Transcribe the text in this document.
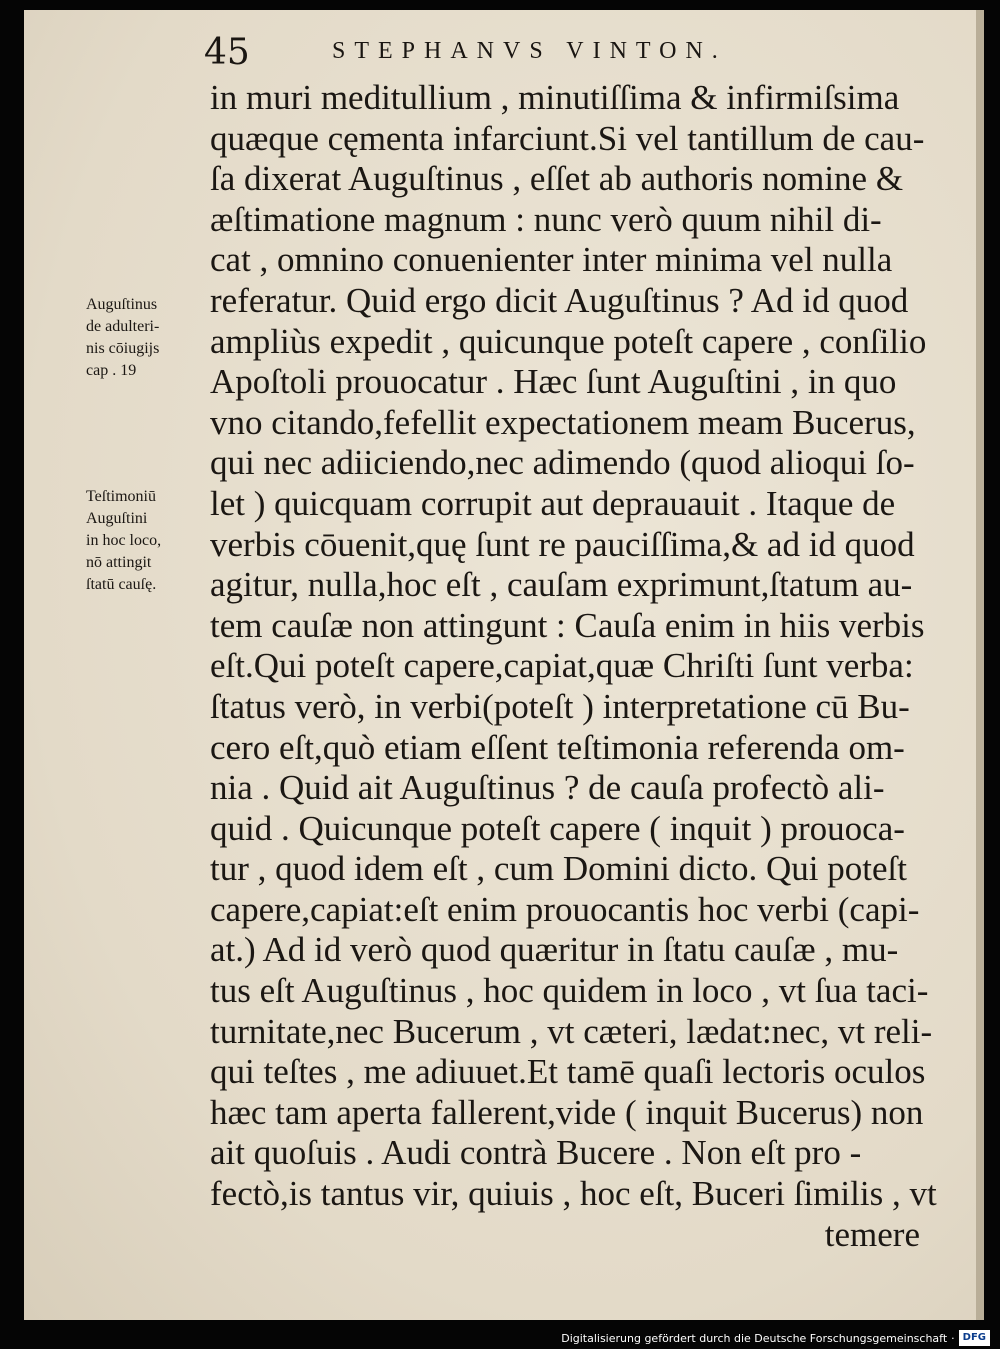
45	STEPHANVS VINTON.
Auguſtinus
de adulteri-
nis cōiugijs
cap . 19
Teſtimoniū
Auguſtini
in hoc loco,
nō attingit
ſtatū cauſę.
in muri meditullium , minutiſſima & infirmiſsima
quæque cęmenta infarciunt.Si vel tantillum de cau-
ſa dixerat Auguſtinus , eſſet ab authoris nomine &
æſtimatione magnum : nunc verò quum nihil di-
cat , omnino conuenienter inter minima vel nulla
referatur. Quid ergo dicit Auguſtinus ? Ad id quod
ampliùs expedit , quicunque poteſt capere , conſilio
Apoſtoli prouocatur . Hæc ſunt Auguſtini , in quo
vno citando,fefellit expectationem meam Bucerus,
qui nec adiiciendo,nec adimendo (quod alioqui ſo-
let ) quicquam corrupit aut deprauauit . Itaque de
verbis cōuenit,quę ſunt re pauciſſima,& ad id quod
agitur, nulla,hoc eſt , cauſam exprimunt,ſtatum au-
tem cauſæ non attingunt : Cauſa enim in hiis verbis
eſt.Qui poteſt capere,capiat,quæ Chriſti ſunt verba:
ſtatus verò, in verbi(poteſt ) interpretatione cū Bu-
cero eſt,quò etiam eſſent teſtimonia referenda om-
nia . Quid ait Auguſtinus ? de cauſa profectò ali-
quid . Quicunque poteſt capere ( inquit ) prouoca-
tur , quod idem eſt , cum Domini dicto. Qui poteſt
capere,capiat:eſt enim prouocantis hoc verbi (capi-
at.) Ad id verò quod quæritur in ſtatu cauſæ , mu-
tus eſt Auguſtinus , hoc quidem in loco , vt ſua taci-
turnitate,nec Bucerum , vt cæteri, lædat:nec, vt reli-
qui teſtes , me adiuuet.Et tamē quaſi lectoris oculos
hæc tam aperta fallerent,vide ( inquit Bucerus) non
ait quoſuis . Audi contrà Bucere . Non eſt pro -
fectò,is tantus vir, quiuis , hoc eſt, Buceri ſimilis , vt
temere
Digitalisierung gefördert durch die Deutsche Forschungsgemeinschaft · DFG
